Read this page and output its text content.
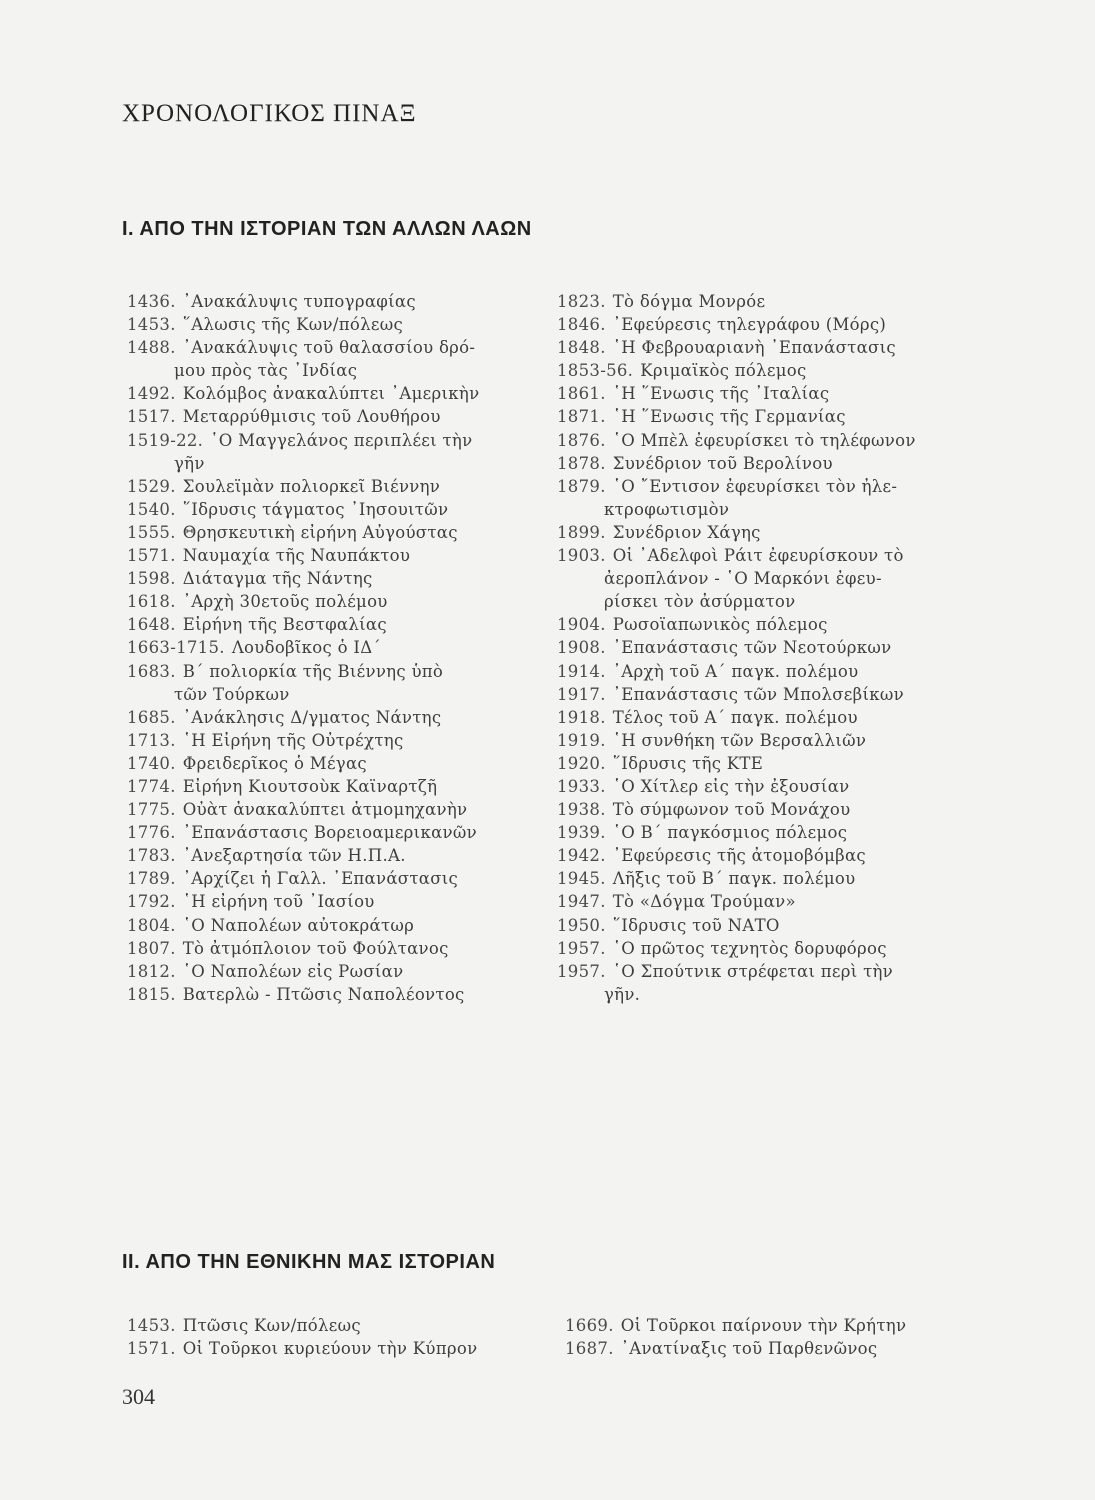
ΧΡΟΝΟΛΟΓΙΚΟΣ ΠΙΝΑΞ
Ι. ΑΠΟ ΤΗΝ ΙΣΤΟΡΙΑΝ ΤΩΝ ΑΛΛΩΝ ΛΑΩΝ
1436. ᾿Ανακάλυψις τυπογραφίας
1453. ῞Αλωσις τῆς Κων/πόλεως
1488. ᾿Ανακάλυψις τοῦ θαλασσίου δρό-
μου πρὸς τὰς ᾿Ινδίας
1492. Κολόμβος ἀνακαλύπτει ᾿Αμερικὴν
1517. Μεταρρύθμισις τοῦ Λουθήρου
1519-22. ῾Ο Μαγγελάνος περιπλέει τὴν
γῆν
1529. Σουλεϊμὰν πολιορκεῖ Βιέννην
1540. ῞Ιδρυσις τάγματος ᾿Ιησουιτῶν
1555. Θρησκευτικὴ εἰρήνη Αὐγούστας
1571. Ναυμαχία τῆς Ναυπάκτου
1598. Διάταγμα τῆς Νάντης
1618. ᾿Αρχὴ 30ετοῦς πολέμου
1648. Εἰρήνη τῆς Βεστφαλίας
1663-1715. Λουδοβῖκος ὁ ΙΔ΄
1683. Β΄ πολιορκία τῆς Βιέννης ὑπὸ
τῶν Τούρκων
1685. ᾿Ανάκλησις Δ/γματος Νάντης
1713. ῾Η Εἰρήνη τῆς Οὐτρέχτης
1740. Φρειδερῖκος ὁ Μέγας
1774. Εἰρήνη Κιουτσοὺκ Καϊναρτζῆ
1775. Οὐὰτ ἀνακαλύπτει ἀτμομηχανὴν
1776. ᾿Επανάστασις Βορειοαμερικανῶν
1783. ᾿Ανεξαρτησία τῶν Η.Π.Α.
1789. ᾿Αρχίζει ἡ Γαλλ. ᾿Επανάστασις
1792. ῾Η εἰρήνη τοῦ ᾿Ιασίου
1804. ῾Ο Ναπολέων αὐτοκράτωρ
1807. Τὸ ἀτμόπλοιον τοῦ Φούλτανος
1812. ῾Ο Ναπολέων εἰς Ρωσίαν
1815. Βατερλὼ - Πτῶσις Ναπολέοντος
1823. Τὸ δόγμα Μονρόε
1846. ᾿Εφεύρεσις τηλεγράφου (Μόρς)
1848. ῾Η Φεβρουαριανὴ ᾿Επανάστασις
1853-56. Κριμαϊκὸς πόλεμος
1861. ῾Η ῞Ενωσις τῆς ᾿Ιταλίας
1871. ῾Η ῞Ενωσις τῆς Γερμανίας
1876. ῾Ο Μπὲλ ἐφευρίσκει τὸ τηλέφωνον
1878. Συνέδριον τοῦ Βερολίνου
1879. ῾Ο ῎Εντισον ἐφευρίσκει τὸν ἠλε-
κτροφωτισμὸν
1899. Συνέδριον Χάγης
1903. Οἱ ᾿Αδελφοὶ Ράιτ ἐφευρίσκουν τὸ
ἀεροπλάνον - ῾Ο Μαρκόνι ἐφευ-
ρίσκει τὸν ἀσύρματον
1904. Ρωσοϊαπωνικὸς πόλεμος
1908. ᾿Επανάστασις τῶν Νεοτούρκων
1914. ᾿Αρχὴ τοῦ Α΄ παγκ. πολέμου
1917. ᾿Επανάστασις τῶν Μπολσεβίκων
1918. Τέλος τοῦ Α΄ παγκ. πολέμου
1919. ῾Η συνθήκη τῶν Βερσαλλιῶν
1920. ῞Ιδρυσις τῆς ΚΤΕ
1933. ῾Ο Χίτλερ εἰς τὴν ἐξουσίαν
1938. Τὸ σύμφωνον τοῦ Μονάχου
1939. ῾Ο Β΄ παγκόσμιος πόλεμος
1942. ᾿Εφεύρεσις τῆς ἀτομοβόμβας
1945. Λῆξις τοῦ Β΄ παγκ. πολέμου
1947. Τὸ «Δόγμα Τρούμαν»
1950. ῞Ιδρυσις τοῦ ΝΑΤΟ
1957. ῾Ο πρῶτος τεχνητὸς δορυφόρος
1957. ῾Ο Σπούτνικ στρέφεται περὶ τὴν
γῆν.
ΙΙ. ΑΠΟ ΤΗΝ ΕΘΝΙΚΗΝ ΜΑΣ ΙΣΤΟΡΙΑΝ
1453. Πτῶσις Κων/πόλεως
1571. Οἱ Τοῦρκοι κυριεύουν τὴν Κύπρον
1669. Οἱ Τοῦρκοι παίρνουν τὴν Κρήτην
1687. ᾿Ανατίναξις τοῦ Παρθενῶνος
304
